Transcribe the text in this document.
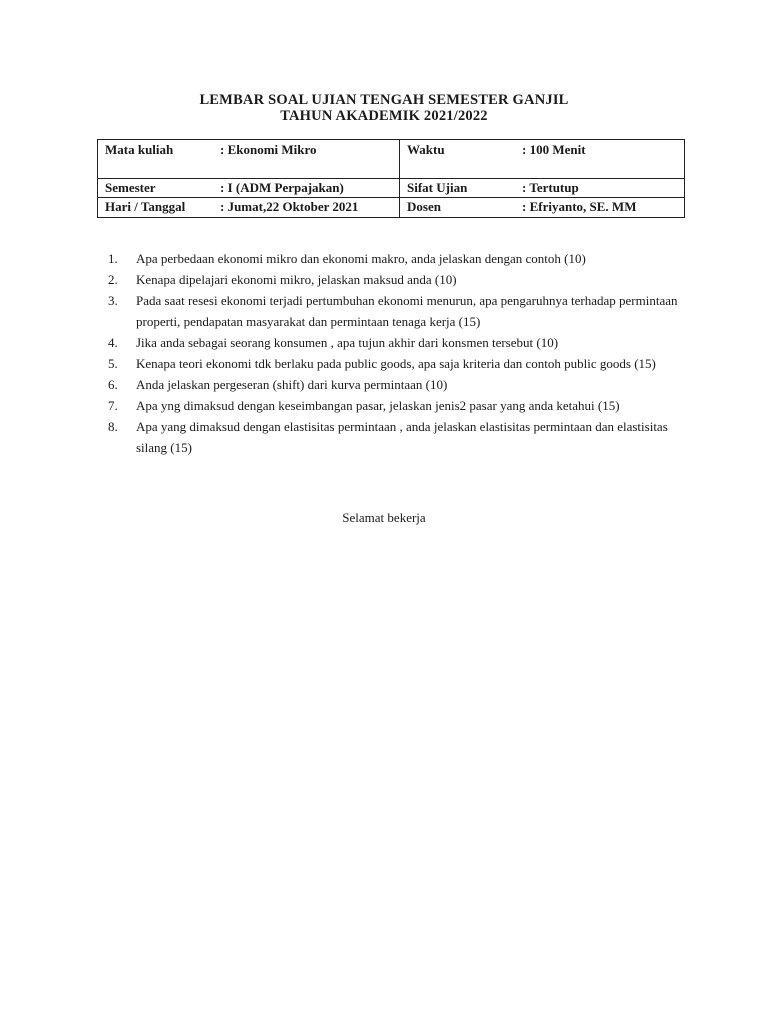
LEMBAR SOAL UJIAN TENGAH SEMESTER GANJIL
TAHUN AKADEMIK 2021/2022
Mata kuliah : Ekonomi Mikro	Waktu : 100 Menit

Semester : I (ADM Perpajakan)	Sifat Ujian : Tertutup

Hari / Tanggal : Jumat,22 Oktober 2021	Dosen : Efriyanto, SE. MM
1.	Apa perbedaan ekonomi mikro dan ekonomi makro, anda jelaskan dengan contoh (10)
2.	Kenapa dipelajari ekonomi mikro, jelaskan maksud anda (10)
3.	Pada saat resesi ekonomi terjadi pertumbuhan ekonomi menurun, apa pengaruhnya terhadap permintaan properti, pendapatan masyarakat dan permintaan tenaga kerja (15)
4.	Jika anda sebagai seorang konsumen , apa tujun akhir dari konsmen tersebut (10)
5.	Kenapa teori ekonomi tdk berlaku pada public goods, apa saja kriteria dan contoh public goods (15)
6.	Anda jelaskan pergeseran (shift) dari kurva permintaan (10)
7.	Apa yng dimaksud dengan keseimbangan pasar, jelaskan jenis2 pasar yang anda ketahui (15)
8.	Apa yang dimaksud dengan elastisitas permintaan , anda jelaskan elastisitas permintaan dan elastisitas silang (15)
Selamat bekerja
